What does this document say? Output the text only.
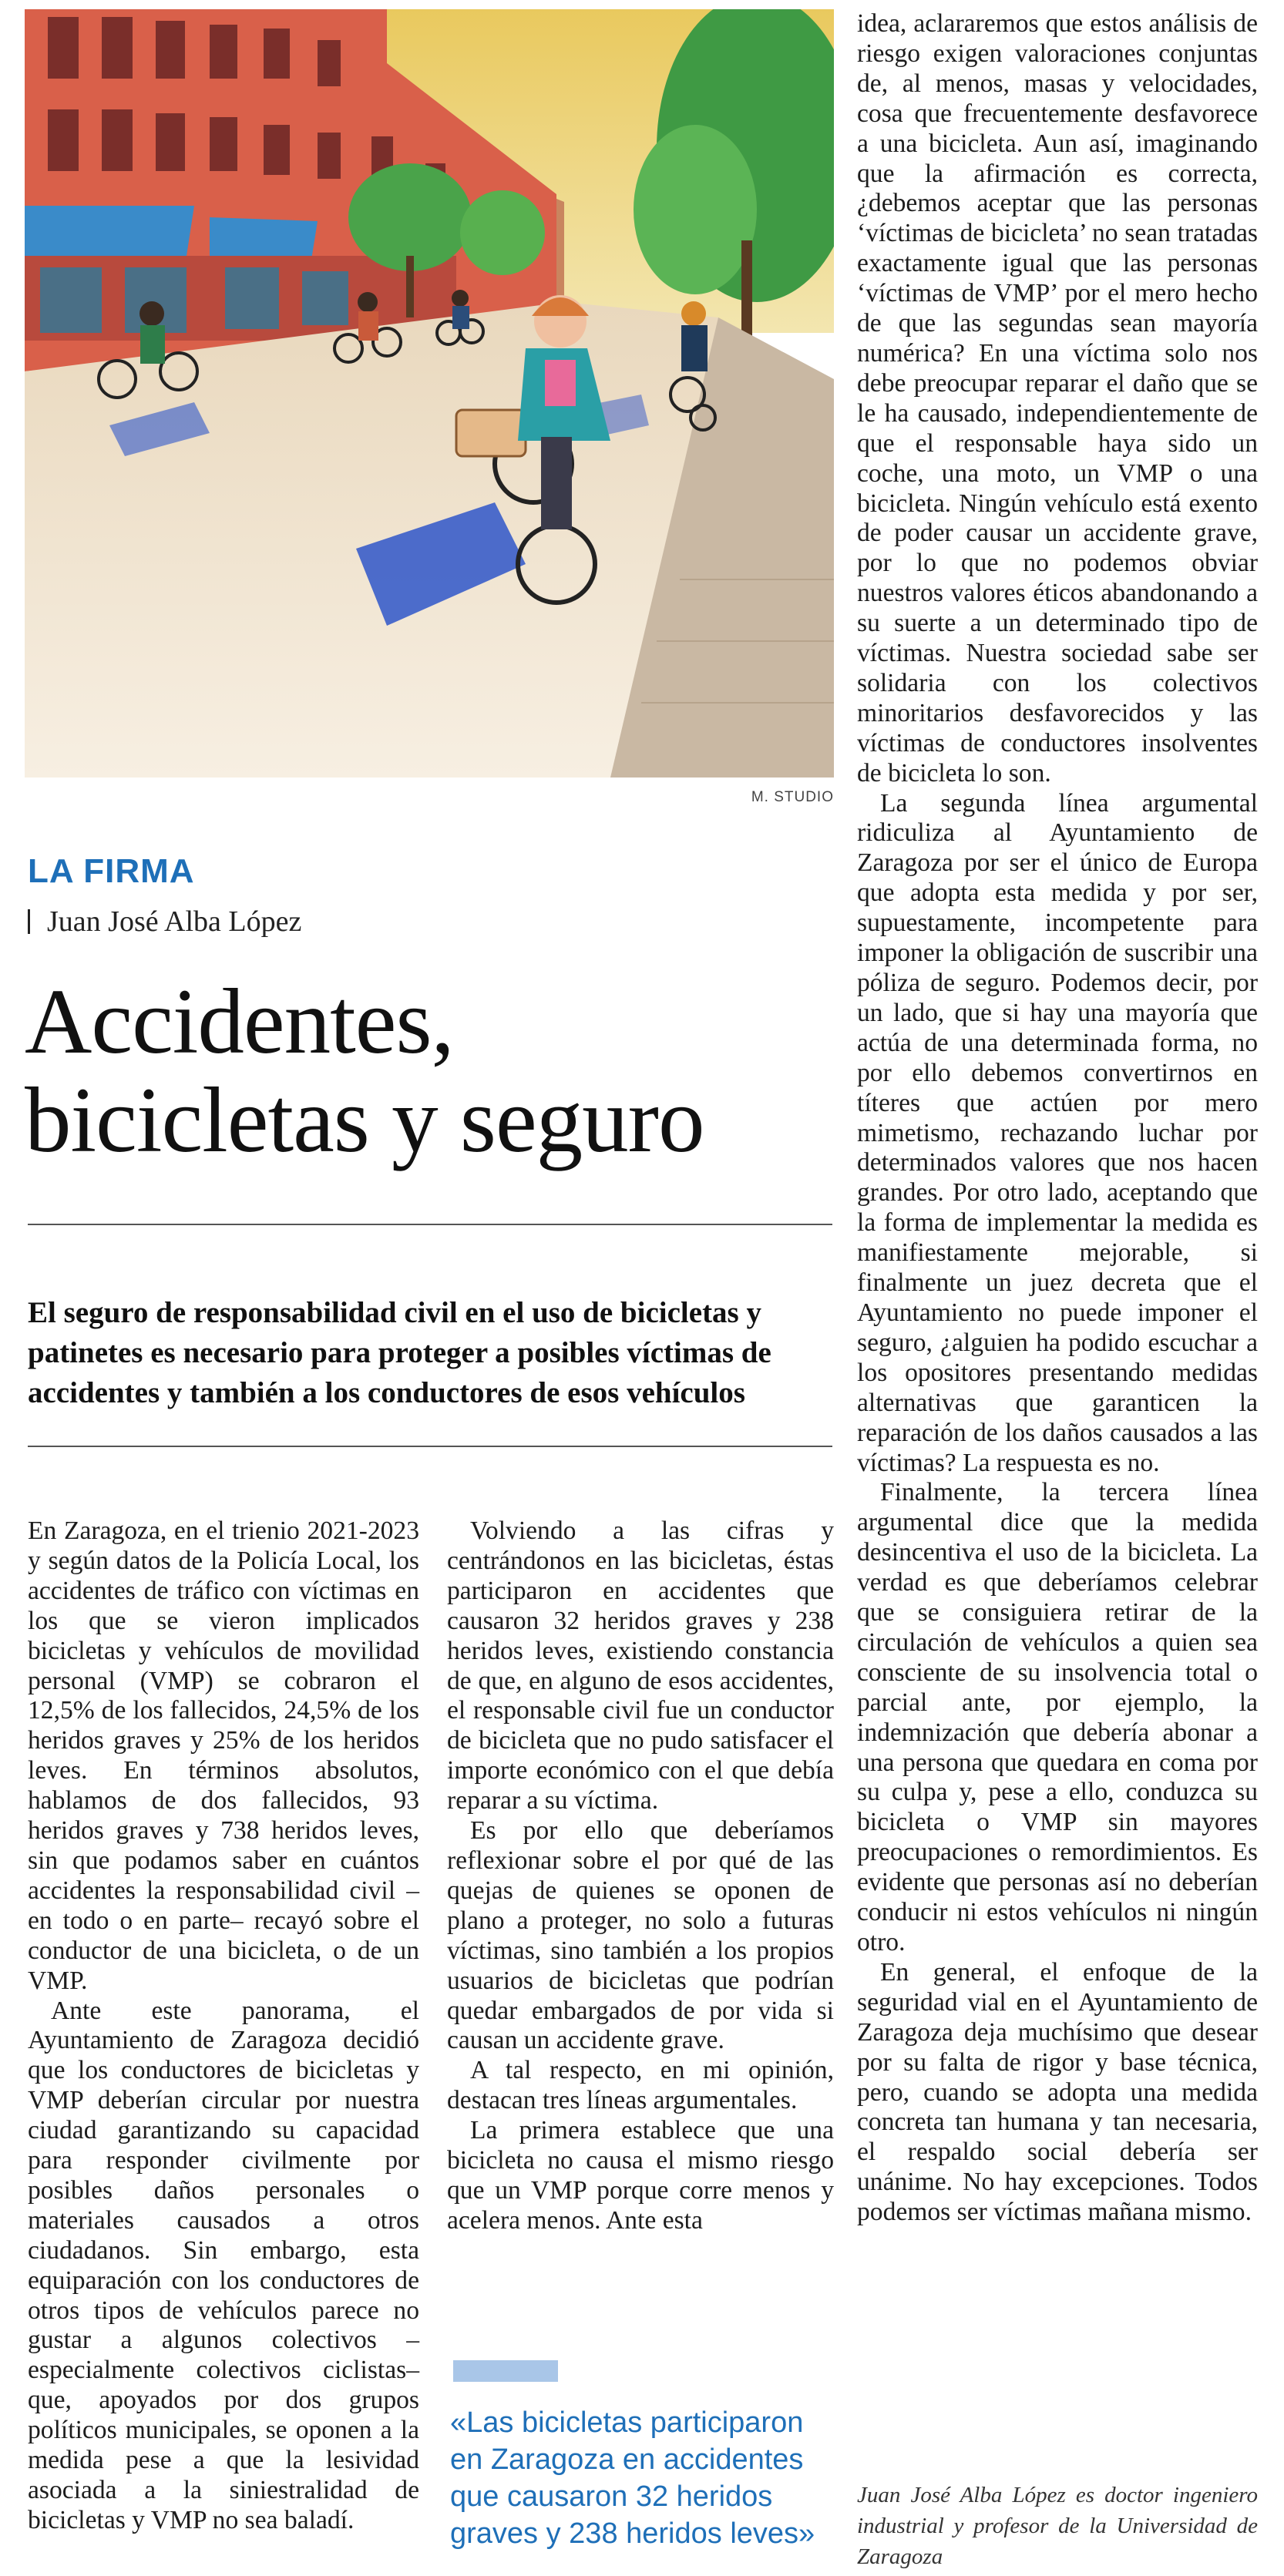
M. STUDIO
LA FIRMA
Juan José Alba López
Accidentes,
bicicletas y seguro
El seguro de responsabilidad civil en el uso de bicicletas y patinetes es necesario para proteger a posibles víctimas de accidentes y también a los conductores de esos vehículos

En Zaragoza, en el trienio 2021-2023 y según datos de la Policía Local, los accidentes de tráfico con víctimas en los que se vieron implicados bicicletas y vehículos de movilidad personal (VMP) se cobraron el 12,5% de los fallecidos, 24,5% de los heridos graves y 25% de los heridos leves. En términos absolutos, hablamos de dos fallecidos, 93 heridos graves y 738 heridos leves, sin que podamos saber en cuántos accidentes la responsabilidad civil –en todo o en parte– recayó sobre el conductor de una bicicleta, o de un VMP.

Ante este panorama, el Ayuntamiento de Zaragoza decidió que los conductores de bicicletas y VMP deberían circular por nuestra ciudad garantizando su capacidad para responder civilmente por posibles daños personales o materiales causados a otros ciudadanos. Sin embargo, esta equiparación con los conductores de otros tipos de vehículos parece no gustar a algunos colectivos –especialmente colectivos ciclistas– que, apoyados por dos grupos políticos municipales, se oponen a la medida pese a que la lesividad asociada a la siniestralidad de bicicletas y VMP no sea baladí.

Volviendo a las cifras y centrándonos en las bicicletas, éstas participaron en accidentes que causaron 32 heridos graves y 238 heridos leves, existiendo constancia de que, en alguno de esos accidentes, el responsable civil fue un conductor de bicicleta que no pudo satisfacer el importe económico con el que debía reparar a su víctima.

Es por ello que deberíamos reflexionar sobre el por qué de las quejas de quienes se oponen de plano a proteger, no solo a futuras víctimas, sino también a los propios usuarios de bicicletas que podrían quedar embargados de por vida si causan un accidente grave.

A tal respecto, en mi opinión, destacan tres líneas argumentales.

La primera establece que una bicicleta no causa el mismo riesgo que un VMP porque corre menos y acelera menos. Ante esta

«Las bicicletas participaron en Zaragoza en accidentes que causaron 32 heridos graves y 238 heridos leves»

idea, aclararemos que estos análisis de riesgo exigen valoraciones conjuntas de, al menos, masas y velocidades, cosa que frecuentemente desfavorece a una bicicleta. Aun así, imaginando que la afirmación es correcta, ¿debemos aceptar que las personas ‘víctimas de bicicleta’ no sean tratadas exactamente igual que las personas ‘víctimas de VMP’ por el mero hecho de que las segundas sean mayoría numérica? En una víctima solo nos debe preocupar reparar el daño que se le ha causado, independientemente de que el responsable haya sido un coche, una moto, un VMP o una bicicleta. Ningún vehículo está exento de poder causar un accidente grave, por lo que no podemos obviar nuestros valores éticos abandonando a su suerte a un determinado tipo de víctimas. Nuestra sociedad sabe ser solidaria con los colectivos minoritarios desfavorecidos y las víctimas de conductores insolventes de bicicleta lo son.

La segunda línea argumental ridiculiza al Ayuntamiento de Zaragoza por ser el único de Europa que adopta esta medida y por ser, supuestamente, incompetente para imponer la obligación de suscribir una póliza de seguro. Podemos decir, por un lado, que si hay una mayoría que actúa de una determinada forma, no por ello debemos convertirnos en títeres que actúen por mero mimetismo, rechazando luchar por determinados valores que nos hacen grandes. Por otro lado, aceptando que la forma de implementar la medida es manifiestamente mejorable, si finalmente un juez decreta que el Ayuntamiento no puede imponer el seguro, ¿alguien ha podido escuchar a los opositores presentando medidas alternativas que garanticen la reparación de los daños causados a las víctimas? La respuesta es no.

Finalmente, la tercera línea argumental dice que la medida desincentiva el uso de la bicicleta. La verdad es que deberíamos celebrar que se consiguiera retirar de la circulación de vehículos a quien sea consciente de su insolvencia total o parcial ante, por ejemplo, la indemnización que debería abonar a una persona que quedara en coma por su culpa y, pese a ello, conduzca su bicicleta o VMP sin mayores preocupaciones o remordimientos. Es evidente que personas así no deberían conducir ni estos vehículos ni ningún otro.

En general, el enfoque de la seguridad vial en el Ayuntamiento de Zaragoza deja muchísimo que desear por su falta de rigor y base técnica, pero, cuando se adopta una medida concreta tan humana y tan necesaria, el respaldo social debería ser unánime. No hay excepciones. Todos podemos ser víctimas mañana mismo.

Juan José Alba López es doctor ingeniero industrial y profesor de la Universidad de Zaragoza
